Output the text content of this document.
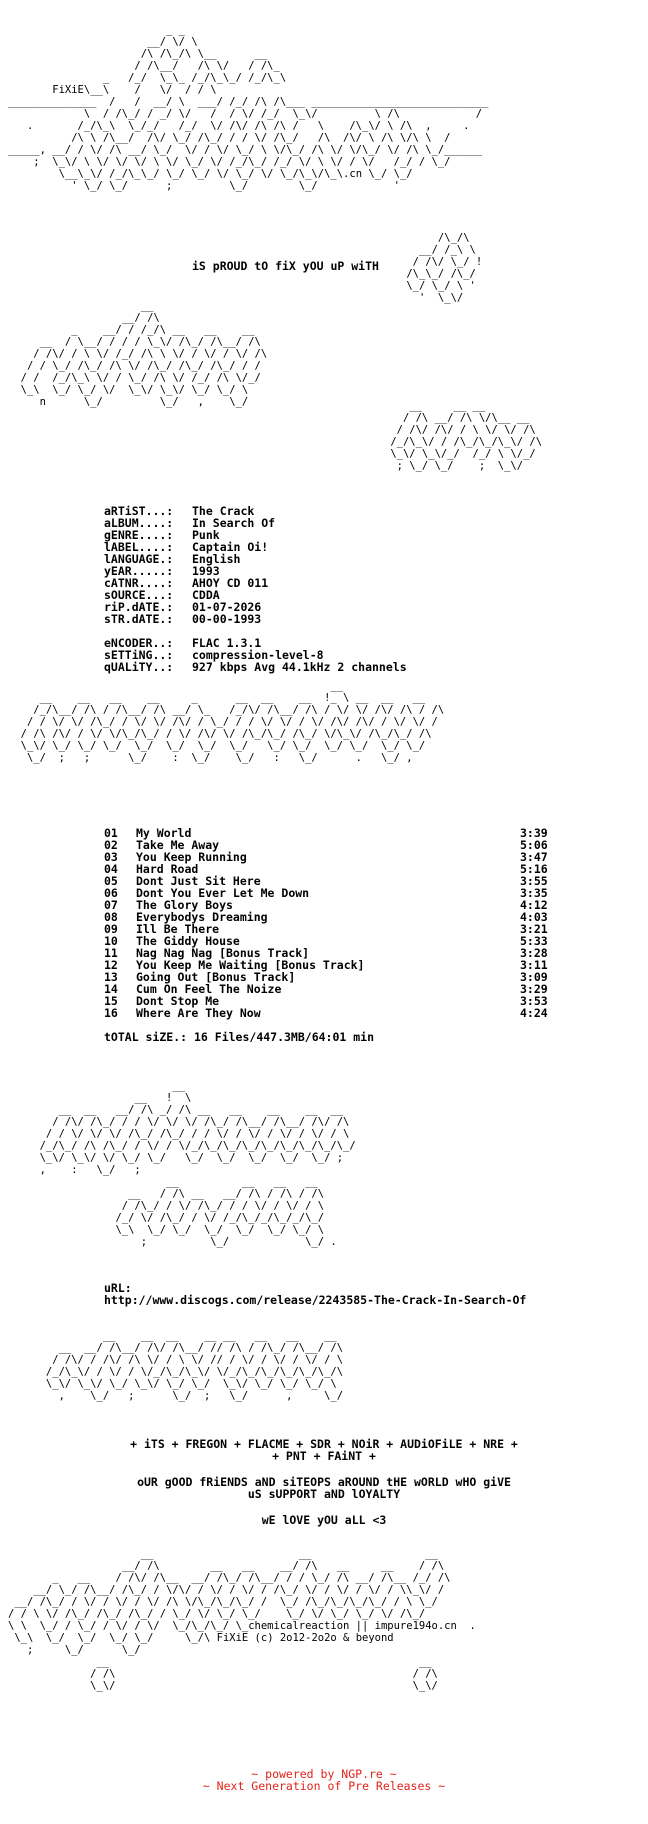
_ _
__/ \/ \
/\ /\_/\ \__      __
/ /\__/   /\ \/   / /\_
_   /_/  \_\_ /_/\_\_/ /_/\_\
FiXiE\__\    /   \/  / / \
______________  /   /  __/ \  ___/ /_/ /\ /\___ ____________________________
\  / /\_/ / _/ \/   /  / \/ /_/  \_\/         \ /\            /
.       /_/\_\  \_/_/   /_/  \/ /\/ /\ /\ /   \    /\_\/ \ /\  ,     .
/\ \ /\__/  /\/ \_/ /\_/ / / \/ /\_/   /\  /\/ \ /\ \/\ \  /
_____, __/ / \/ /\ __/ \_/  \/ / \/ \_/ \ \/\_/ /\ \/ \/\_/ \/ /\ \_/______
;  \_\/ \ \/ \/ \/ \ \/ \_/ \/ /_/\_/ /_/ \/ \ \/ / \/   /_/ / \_/
\__\_\/ /_/\_\_/ \_/ \_/ \/ \_/ \/ \_/\_\/\_\.cn \_/ \_/
' \_/ \_/      ;         \_/        \_/            '

iS pROUD tO fiX yOU uP wiTH
/\_/\
__/ /_\ \
/ /\/ \_/ !
/\_\_/ /\_/
\_/ \_/ \ '
'  \_\/

__
__/ /\
_    __/ / /_/\ __   __    __
__  / \__/ / / / \_\/ /\_/ /\__/ /\
/ /\/ / \ \/ /_/ /\ \ \/ / \/ / \/ /\
/ / \_/ /\_/ /\ \/ /\_/ /\_/ /\_/ / /
/ /  /_/\_\ \/ / \_/ /\ \/ /_/ /\ \/_/
\_\  \_/ \_/ \/  \_\/ \_\/ \_/ \_/ \
n      \_/         \_/   ,    \_/	__     __ __
/ /\ __/ /\ \/\__ __
/ /\/ /\/ / \ \/ \/ /\
/_/\_\/ / /\_/\_/\_\/ /\
\_\/ \_\/_/  /_/ \ \/_/
; \_/ \_/    ;  \_\/

aRTiST...:	The Crack
aLBUM....:	In Search Of
gENRE....:	Punk
lABEL....:	Captain Oi!
lANGUAGE.:	English
yEAR.....:	1993
cATNR....:	AHOY CD 011
sOURCE...:	CDDA
riP.dATE.:	01-07-2026
sTR.dATE.:	00-00-1993
eNCODER..:	FLAC 1.3.1
sETTiNG..:	compression-level-8
qUALiTY..:	927 kbps Avg 44.1kHz 2 channels
__
__    __   __    __     _      __  __    __  !_ \ __  __   __
/_/\__/ /\ / /\__/ /\ __/ \_   /_/\/ /\__/ /\ / \/ \/ /\/ /\ / /\
/ / \/ \/ /\_/ / \/ \/ /\/ / \_/ / / \/ \/ / \/ /\/ /\/ / \/ \/ /
/ /\ /\/ / \/ \/\_/\_/ / \/ /\/ \/ /\_/\_/ /\_/ \/\_\/ /\_/\_/ /\
\_\/ \_/ \_/ \_/  \_/  \_/  \_/  \_/   \_/ \_/  \_/ \_/  \_/ \_/
\_/  ;   ;      \_/    :  \_/    \_/   :   \_/      .   \_/ ,

01	My World	3:39
02	Take Me Away	5:06
03	You Keep Running	3:47
04	Hard Road	5:16
05	Dont Just Sit Here	3:55
06	Dont You Ever Let Me Down	3:35
07	The Glory Boys	4:12
08	Everybodys Dreaming	4:03
09	Ill Be There	3:21
10	The Giddy House	5:33
11	Nag Nag Nag [Bonus Track]	3:28
12	You Keep Me Waiting [Bonus Track]	3:11
13	Going Out [Bonus Track]	3:09
14	Cum On Feel The Noize	3:29
15	Dont Stop Me	3:53
16	Where Are They Now	4:24
tOTAL siZE.: 16 Files/447.3MB/64:01 min
__
__   !  \
__  __   __/ /\ _/ /\ __   __    __    __  __
/ /\/ /\_/ / / \/ \/ \/ /\_/ /\__/ /\__/ /\/ /\
/ / \/ \/ \/ /\_/ /\_/ / / \/ / \/ / \/ / \/ / \
/_/\_/ /\ /\_/ / \/ / \/_/\_/\_/\_/\_/\_/\_/\_/\_/
\_\/ \_\/ \/ \_/ \_/   \_/  \_/  \_/  \_/  \_/ ;
,    :   \_/   ;
__          __   __   __
__   / /\ __   __/ /\ / /\ / /\
/ /\_/ / \/ /\_/ / / \/ / \/ / \
/_/ \/ /\_/ / \/ /_/\_/_/\_/_/\_/
\_\  \_/ \_/  \_/  \_/  \_/ \_/ \
;          \_/            \_/ .

uRL:
http://www.discogs.com/release/2243585-The-Crack-In-Search-Of
__    __  __    __ __   __   __    __
__  __/ /\__/ /\/ /\__/ // /\ / /\_/ /\__/ /\
/ /\/ / /\/ /\ \/ / \ \/ // / \/ / \/ / \/ / \
/_/\_\/ / \/ / \/_/\_/\_\/ \/_/\_/\_/\_/\_/\_/\
\_\/ \_\/ \_/ \_\/ \_/ \_/  \_\/ \_/ \_/ \_/ \
,    \_/   ;      \_/  ;   \_/      ,     \_/

+ iTS + FREGON + FLACME + SDR + NOiR + AUDiOFiLE + NRE +
+ PNT + FAiNT +
oUR gOOD fRiENDS aND siTEOPS aROUND tHE wORLD wHO giVE
uS sUPPORT aND lOYALTY
wE lOVE yOU aLL <3
__                       __                  __
__/ /\        __   __    __/ /\   __     __    / /\
_   __    / /\/ /\__  __/ /\_/ /\__/ / / \_/ /\ __/ /\__ /_/ /\
__/ \_/ /\__/ /\_/ / \/\/ / \/ / \/ / /\_/ \/ / \/ / \/ / \\_\/ /
__/ /\_/ / \/ / \/ / \/ /\ \/\_/\_/\_/ /  \_/ /\_/\_/\_/\_/ / \ \_/
/ / \ \/ /\_/ /\_/ /\_/ / \_/ \/ \_/ \_/    \_/ \/ \_/ \_/ \/ /\_/
\ \  \_/ / \_/ / \/ / \/  \_/\_/\_/ \_chemicalreaction || impure194o.cn  .
\_\  \_/  \_/  \_/ \_/     \_/\ FiXiE (c) 2o12-2o2o & beyond
;     \_/      \_/
__                                                 __
/ /\                                               / /\
\_\/                                               \_\/

~ powered by NGP.re ~
~ Next Generation of Pre Releases ~
